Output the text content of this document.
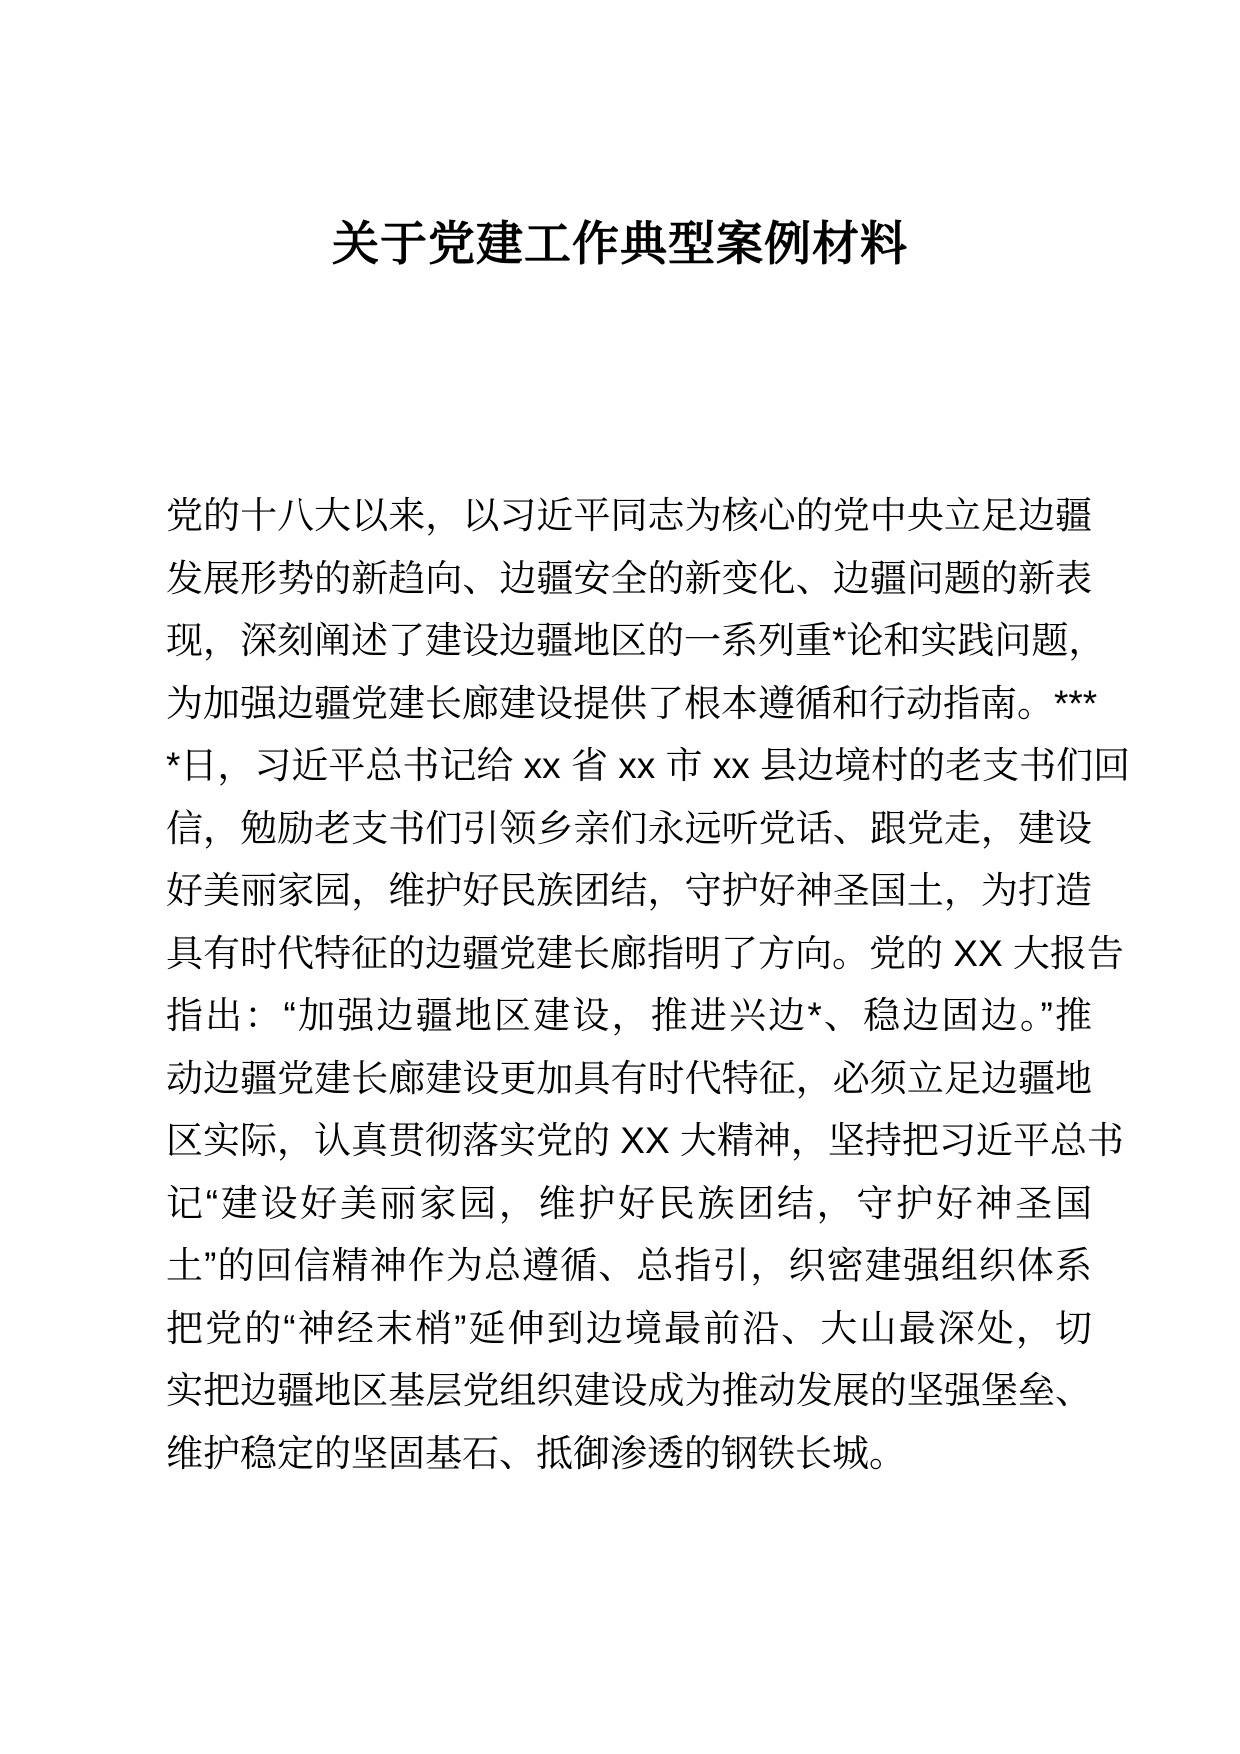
关于党建工作典型案例材料
党的十八大以来，以习近平同志为核心的党中央立足边疆
发展形势的新趋向、边疆安全的新变化、边疆问题的新表
现，深刻阐述了建设边疆地区的一系列重*论和实践问题，
为加强边疆党建长廊建设提供了根本遵循和行动指南。***
*日，习近平总书记给 xx 省 xx 市 xx 县边境村的老支书们回
信，勉励老支书们引领乡亲们永远听党话、跟党走，建设
好美丽家园，维护好民族团结，守护好神圣国土，为打造
具有时代特征的边疆党建长廊指明了方向。党的 XX 大报告
指出：“加强边疆地区建设，推进兴边*、稳边固边。”推
动边疆党建长廊建设更加具有时代特征，必须立足边疆地
区实际，认真贯彻落实党的 XX 大精神，坚持把习近平总书
记“建设好美丽家园，维护好民族团结，守护好神圣国
土”的回信精神作为总遵循、总指引，织密建强组织体系
把党的“神经末梢”延伸到边境最前沿、大山最深处，切
实把边疆地区基层党组织建设成为推动发展的坚强堡垒、
维护稳定的坚固基石、抵御渗透的钢铁长城。
